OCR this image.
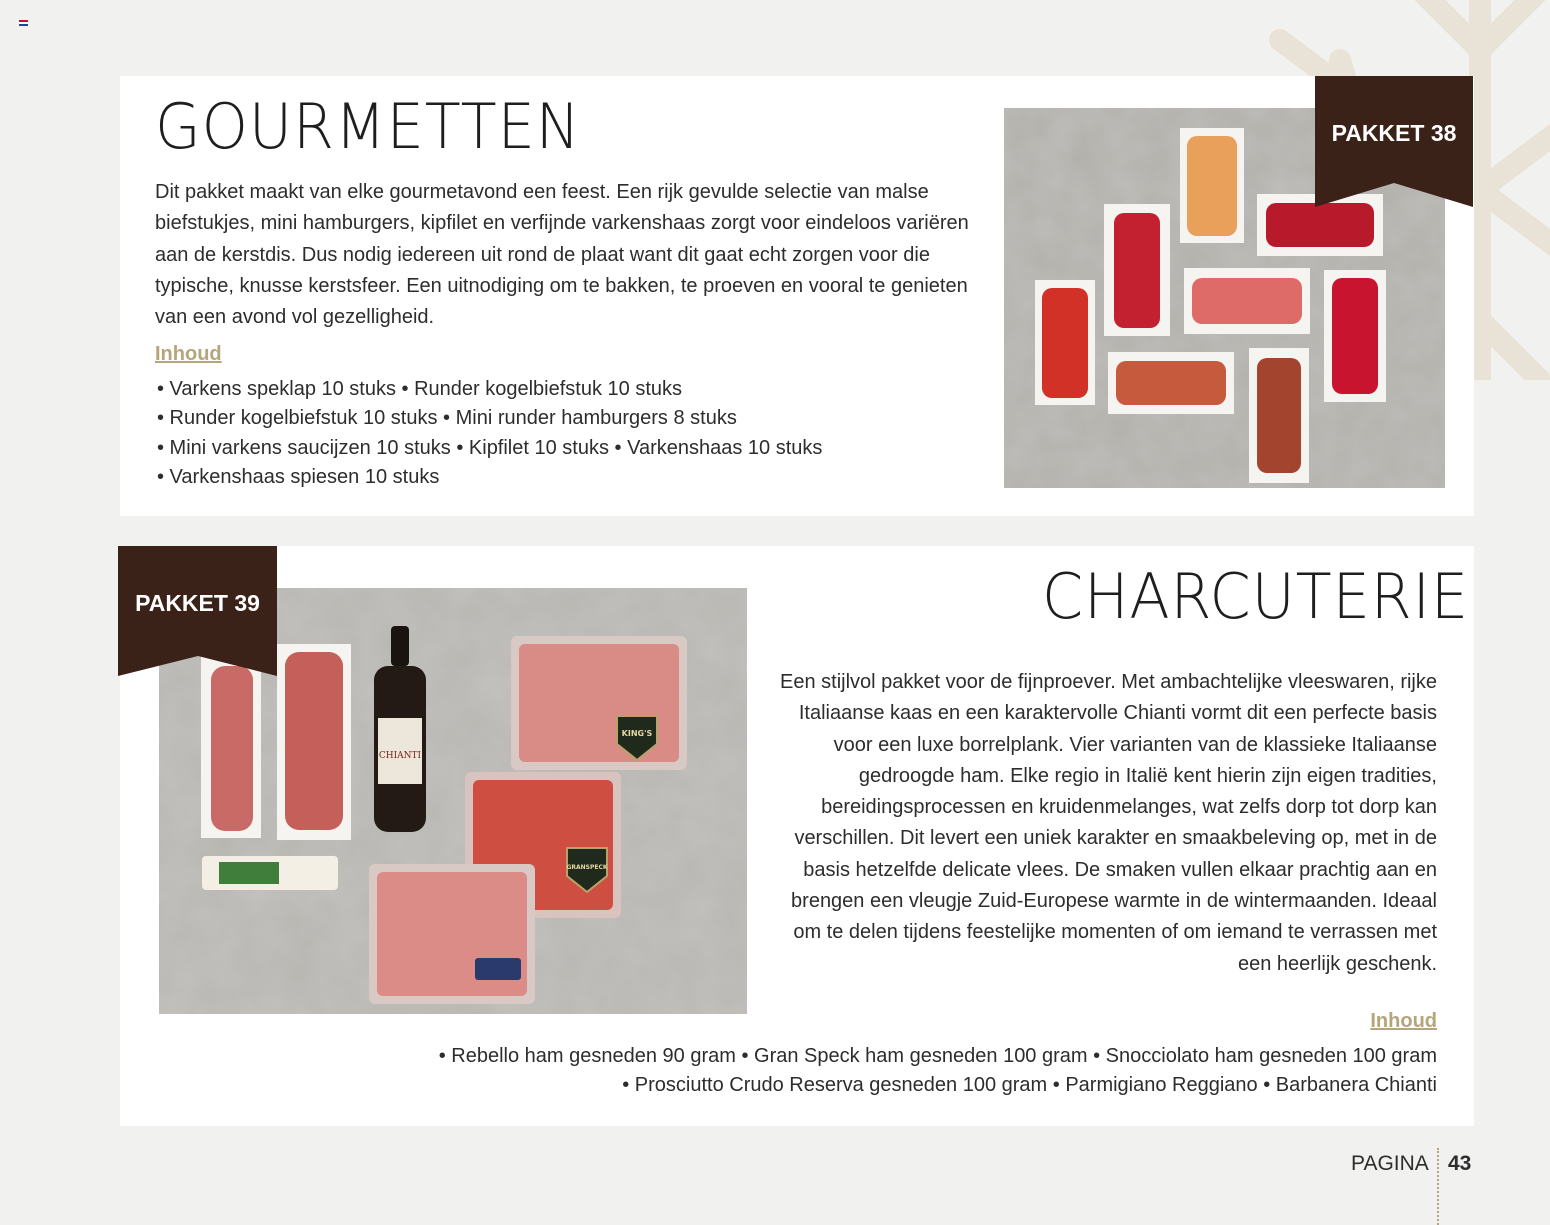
GOURMETTEN

Dit pakket maakt van elke gourmetavond een feest. Een rijk gevulde selectie van malse biefstukjes, mini hamburgers, kipfilet en verfijnde varkenshaas zorgt voor eindeloos variëren aan de kerstdis. Dus nodig iedereen uit rond de plaat want dit gaat echt zorgen voor die typische, knusse kerstsfeer. Een uitnodiging om te bakken, te proeven en vooral te genieten van een avond vol gezelligheid.

Inhoud
• Varkens speklap 10 stuks • Runder kogelbiefstuk 10 stuks
• Runder kogelbiefstuk 10 stuks • Mini runder hamburgers 8 stuks
• Mini varkens saucijzen 10 stuks • Kipfilet 10 stuks • Varkenshaas 10 stuks
• Varkenshaas spiesen 10 stuks
PAKKET 38
CHARCUTERIE

Een stijlvol pakket voor de fijnproever. Met ambachtelijke vleeswaren, rijke Italiaanse kaas en een karaktervolle Chianti vormt dit een perfecte basis voor een luxe borrelplank. Vier varianten van de klassieke Italiaanse gedroogde ham. Elke regio in Italië kent hierin zijn eigen tradities, bereidingsprocessen en kruidenmelanges, wat zelfs dorp tot dorp kan verschillen. Dit levert een uniek karakter en smaakbeleving op, met in de basis hetzelfde delicate vlees. De smaken vullen elkaar prachtig aan en brengen een vleugje Zuid-Europese warmte in de wintermaanden. Ideaal om te delen tijdens feestelijke momenten of om iemand te verrassen met een heerlijk geschenk.

Inhoud
• Rebello ham gesneden 90 gram • Gran Speck ham gesneden 100 gram • Snocciolato ham gesneden 100 gram
• Prosciutto Crudo Reserva gesneden 100 gram • Parmigiano Reggiano • Barbanera Chianti
CHIANTI
KING'S
GRANSPECK
PAKKET 39
PAGINA 43
